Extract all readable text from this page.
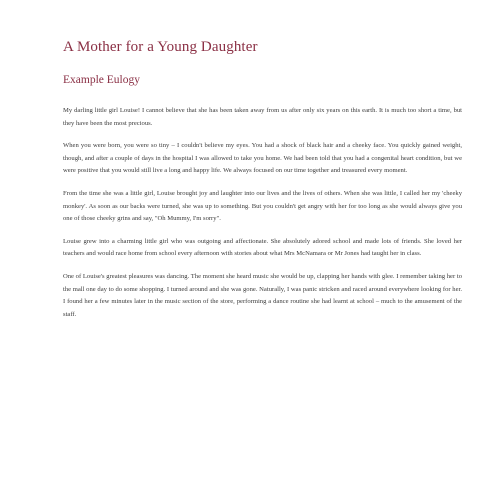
A Mother for a Young Daughter
Example Eulogy

My darling little girl Louise! I cannot believe that she has been taken away from us after only six years on this earth. It is much too short a time, but they have been the most precious.

When you were born, you were so tiny – I couldn't believe my eyes. You had a shock of black hair and a cheeky face. You quickly gained weight, though, and after a couple of days in the hospital I was allowed to take you home. We had been told that you had a congenital heart condition, but we were positive that you would still live a long and happy life. We always focused on our time together and treasured every moment.

From the time she was a little girl, Louise brought joy and laughter into our lives and the lives of others. When she was little, I called her my 'cheeky monkey'. As soon as our backs were turned, she was up to something. But you couldn't get angry with her for too long as she would always give you one of those cheeky grins and say, "Oh Mummy, I'm sorry".

Louise grew into a charming little girl who was outgoing and affectionate. She absolutely adored school and made lots of friends. She loved her teachers and would race home from school every afternoon with stories about what Mrs McNamara or Mr Jones had taught her in class.

One of Louise's greatest pleasures was dancing. The moment she heard music she would be up, clapping her hands with glee. I remember taking her to the mall one day to do some shopping. I turned around and she was gone. Naturally, I was panic stricken and raced around everywhere looking for her. I found her a few minutes later in the music section of the store, performing a dance routine she had learnt at school – much to the amusement of the staff.
